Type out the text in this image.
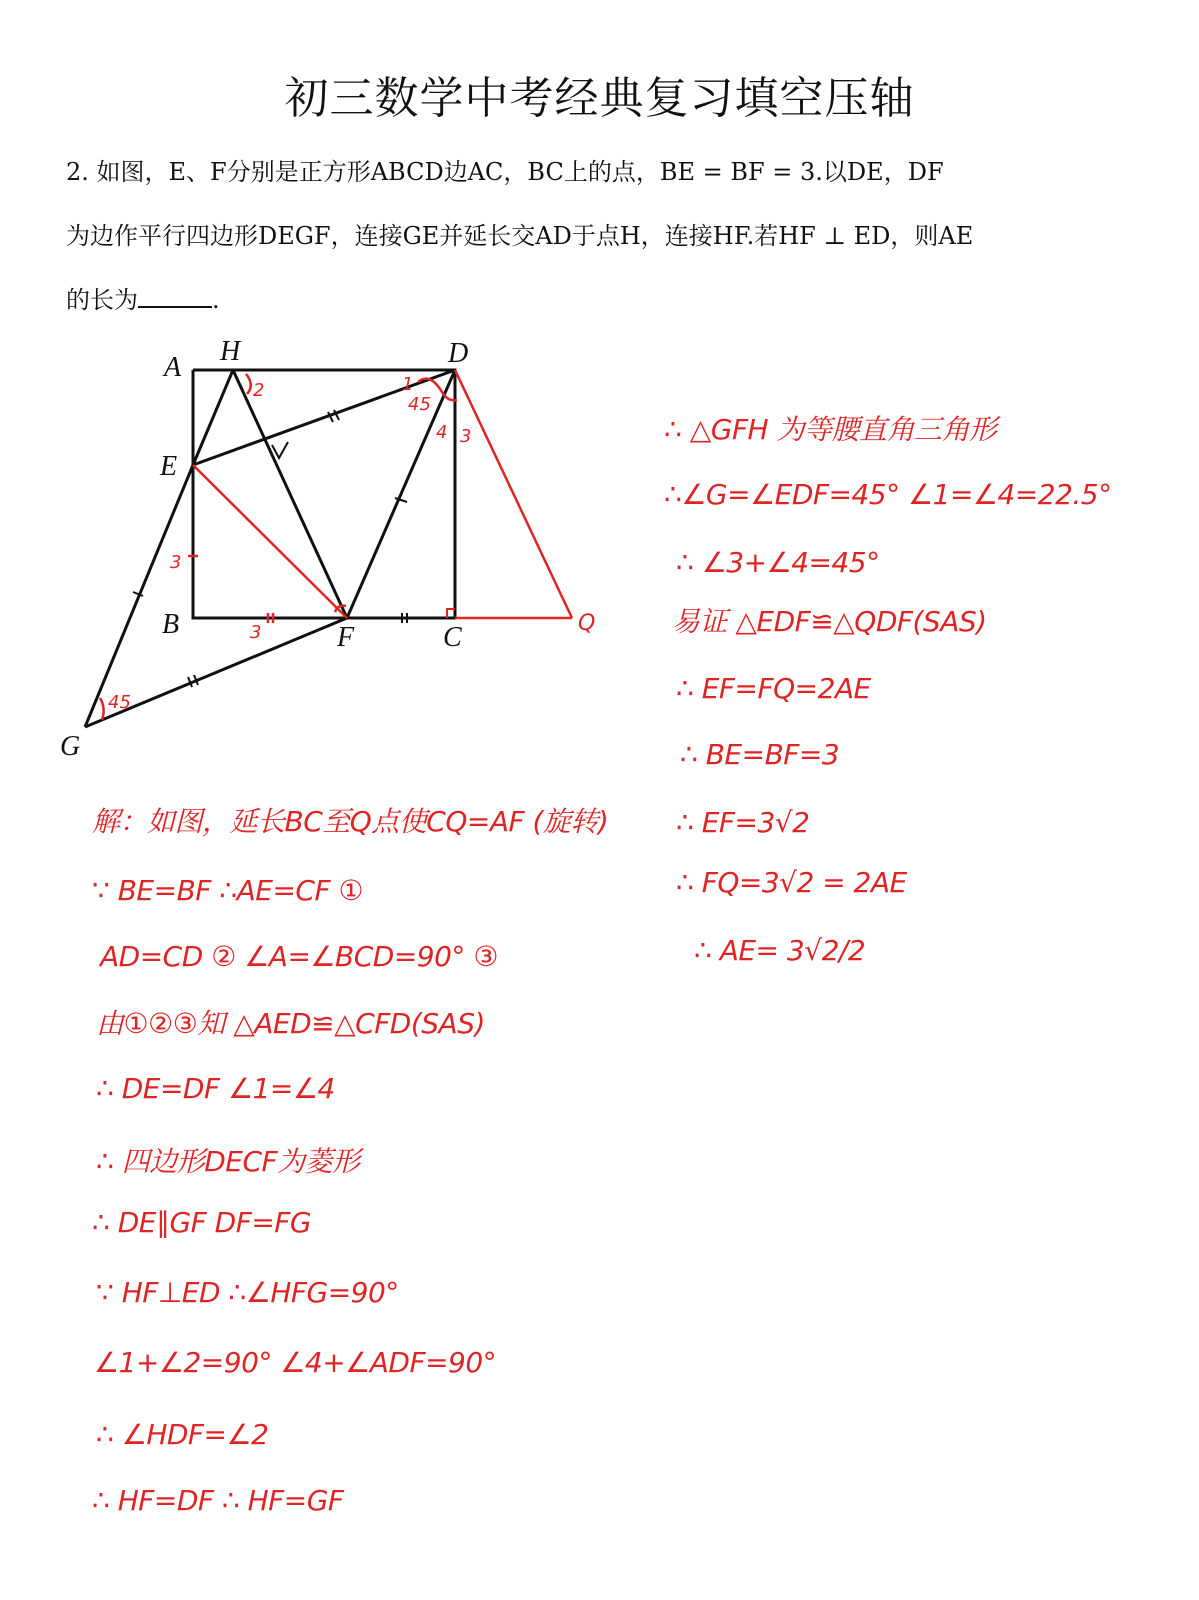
初三数学中考经典复习填空压轴
2. 如图，E、F分别是正方形ABCD边AC，BC上的点，BE = BF = 3.以DE，DF
为边作平行四边形DEGF，连接GE并延长交AD于点H，连接HF.若HF ⊥ ED，则AE
的长为	.
A
H	D
E
B	F	C	Q
G
2	1
45
4 3
3
3
45
解：如图，延长BC至Q点使CQ=AF (旋转)
∵ BE=BF ∴AE=CF ①
AD=CD ② ∠A=∠BCD=90° ③
由①②③知 △AED≌△CFD(SAS)
∴ DE=DF ∠1=∠4
∴ 四边形DECF为菱形
∴ DE∥GF DF=FG
∵ HF⊥ED ∴∠HFG=90°
∠1+∠2=90° ∠4+∠ADF=90°
∴ ∠HDF=∠2
∴ HF=DF ∴ HF=GF
∴ △GFH 为等腰直角三角形
∴∠G=∠EDF=45° ∠1=∠4=22.5°
∴ ∠3+∠4=45°
易证 △EDF≌△QDF(SAS)
∴ EF=FQ=2AE
∴ BE=BF=3
∴ EF=3√2
∴ FQ=3√2 = 2AE
∴ AE= 3√2/2
